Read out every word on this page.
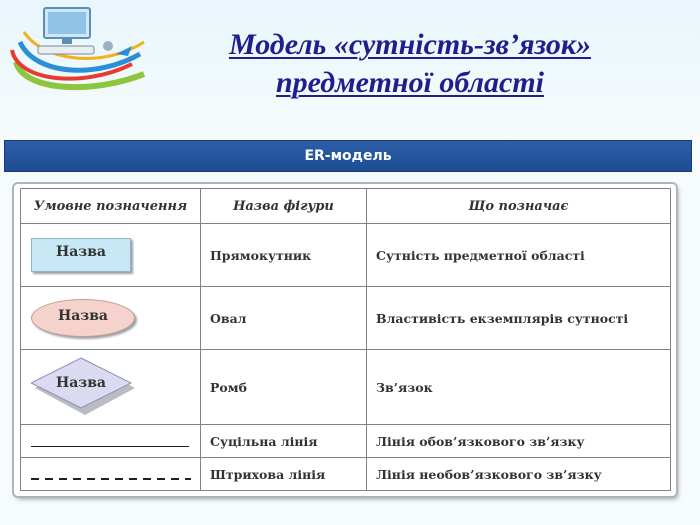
Модель «сутність-зв’язок»
предметної області
ER-модель
Умовне позначення	Назва фігури	Що позначає

Назва	Прямокутник	Сутність предметної області

Назва	Овал	Властивість екземплярів сутності

Назва	Ромб	Зв’язок

	Суцільна лінія	Лінія обов’язкового зв’язку

	Штрихова лінія	Лінія необов’язкового зв’язку
